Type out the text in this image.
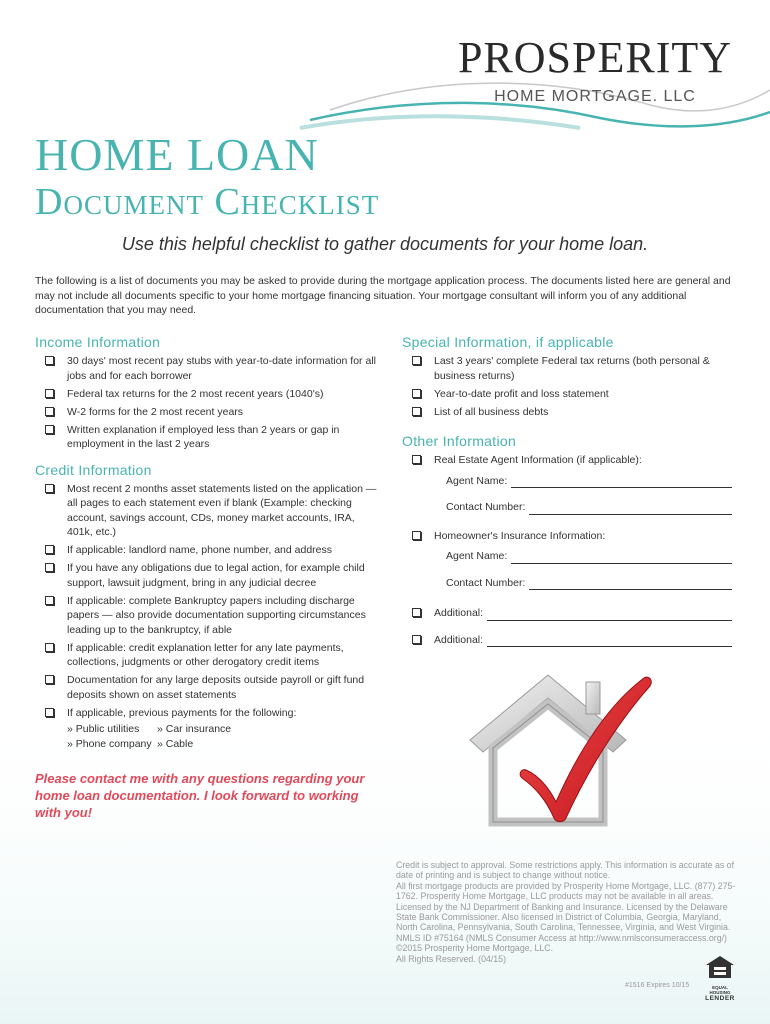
PROSPERITY
HOME MORTGAGE. LLC
HOME LOAN
Document Checklist
Use this helpful checklist to gather documents for your home loan.
The following is a list of documents you may be asked to provide during the mortgage application process. The documents listed here are general and may not include all documents specific to your home mortgage financing situation. Your mortgage consultant will inform you of any additional documentation that you may need.
Income Information
30 days' most recent pay stubs with year-to-date information for all jobs and for each borrower
Federal tax returns for the 2 most recent years (1040's)
W-2 forms for the 2 most recent years
Written explanation if employed less than 2 years or gap in employment in the last 2 years
Credit Information
Most recent 2 months asset statements listed on the application — all pages to each statement even if blank (Example: checking account, savings account, CDs, money market accounts, IRA, 401k, etc.)
If applicable: landlord name, phone number, and address
If you have any obligations due to legal action, for example child support, lawsuit judgment, bring in any judicial decree
If applicable: complete Bankruptcy papers including discharge papers — also provide documentation supporting circumstances leading up to the bankruptcy, if able
If applicable: credit explanation letter for any late payments, collections, judgments or other derogatory credit items
Documentation for any large deposits outside payroll or gift fund deposits shown on asset statements
If applicable, previous payments for the following:
» Public utilities	» Car insurance
» Phone company » Cable
Special Information, if applicable
Last 3 years' complete Federal tax returns (both personal & business returns)
Year-to-date profit and loss statement
List of all business debts
Other Information
Real Estate Agent Information (if applicable):
Agent Name:
Contact Number:
Homeowner's Insurance Information:
Agent Name:
Contact Number:
Additional:
Additional:
Please contact me with any questions regarding your home loan documentation. I look forward to working with you!

Credit is subject to approval. Some restrictions apply. This information is accurate as of date of printing and is subject to change without notice.

All first mortgage products are provided by Prosperity Home Mortgage, LLC. (877) 275-1762. Prosperity Home Mortgage, LLC products may not be available in all areas. Licensed by the NJ Department of Banking and Insurance. Licensed by the Delaware State Bank Commissioner. Also licensed in District of Columbia, Georgia, Maryland, North Carolina, Pennsylvania, South Carolina, Tennessee, Virginia, and West Virginia.

NMLS ID #75164 (NMLS Consumer Access at http://www.nmlsconsumeraccess.org/)

©2015 Prosperity Home Mortgage, LLC.

All Rights Reserved. (04/15)

#1516 Expires 10/15	EQUAL HOUSING
LENDER
